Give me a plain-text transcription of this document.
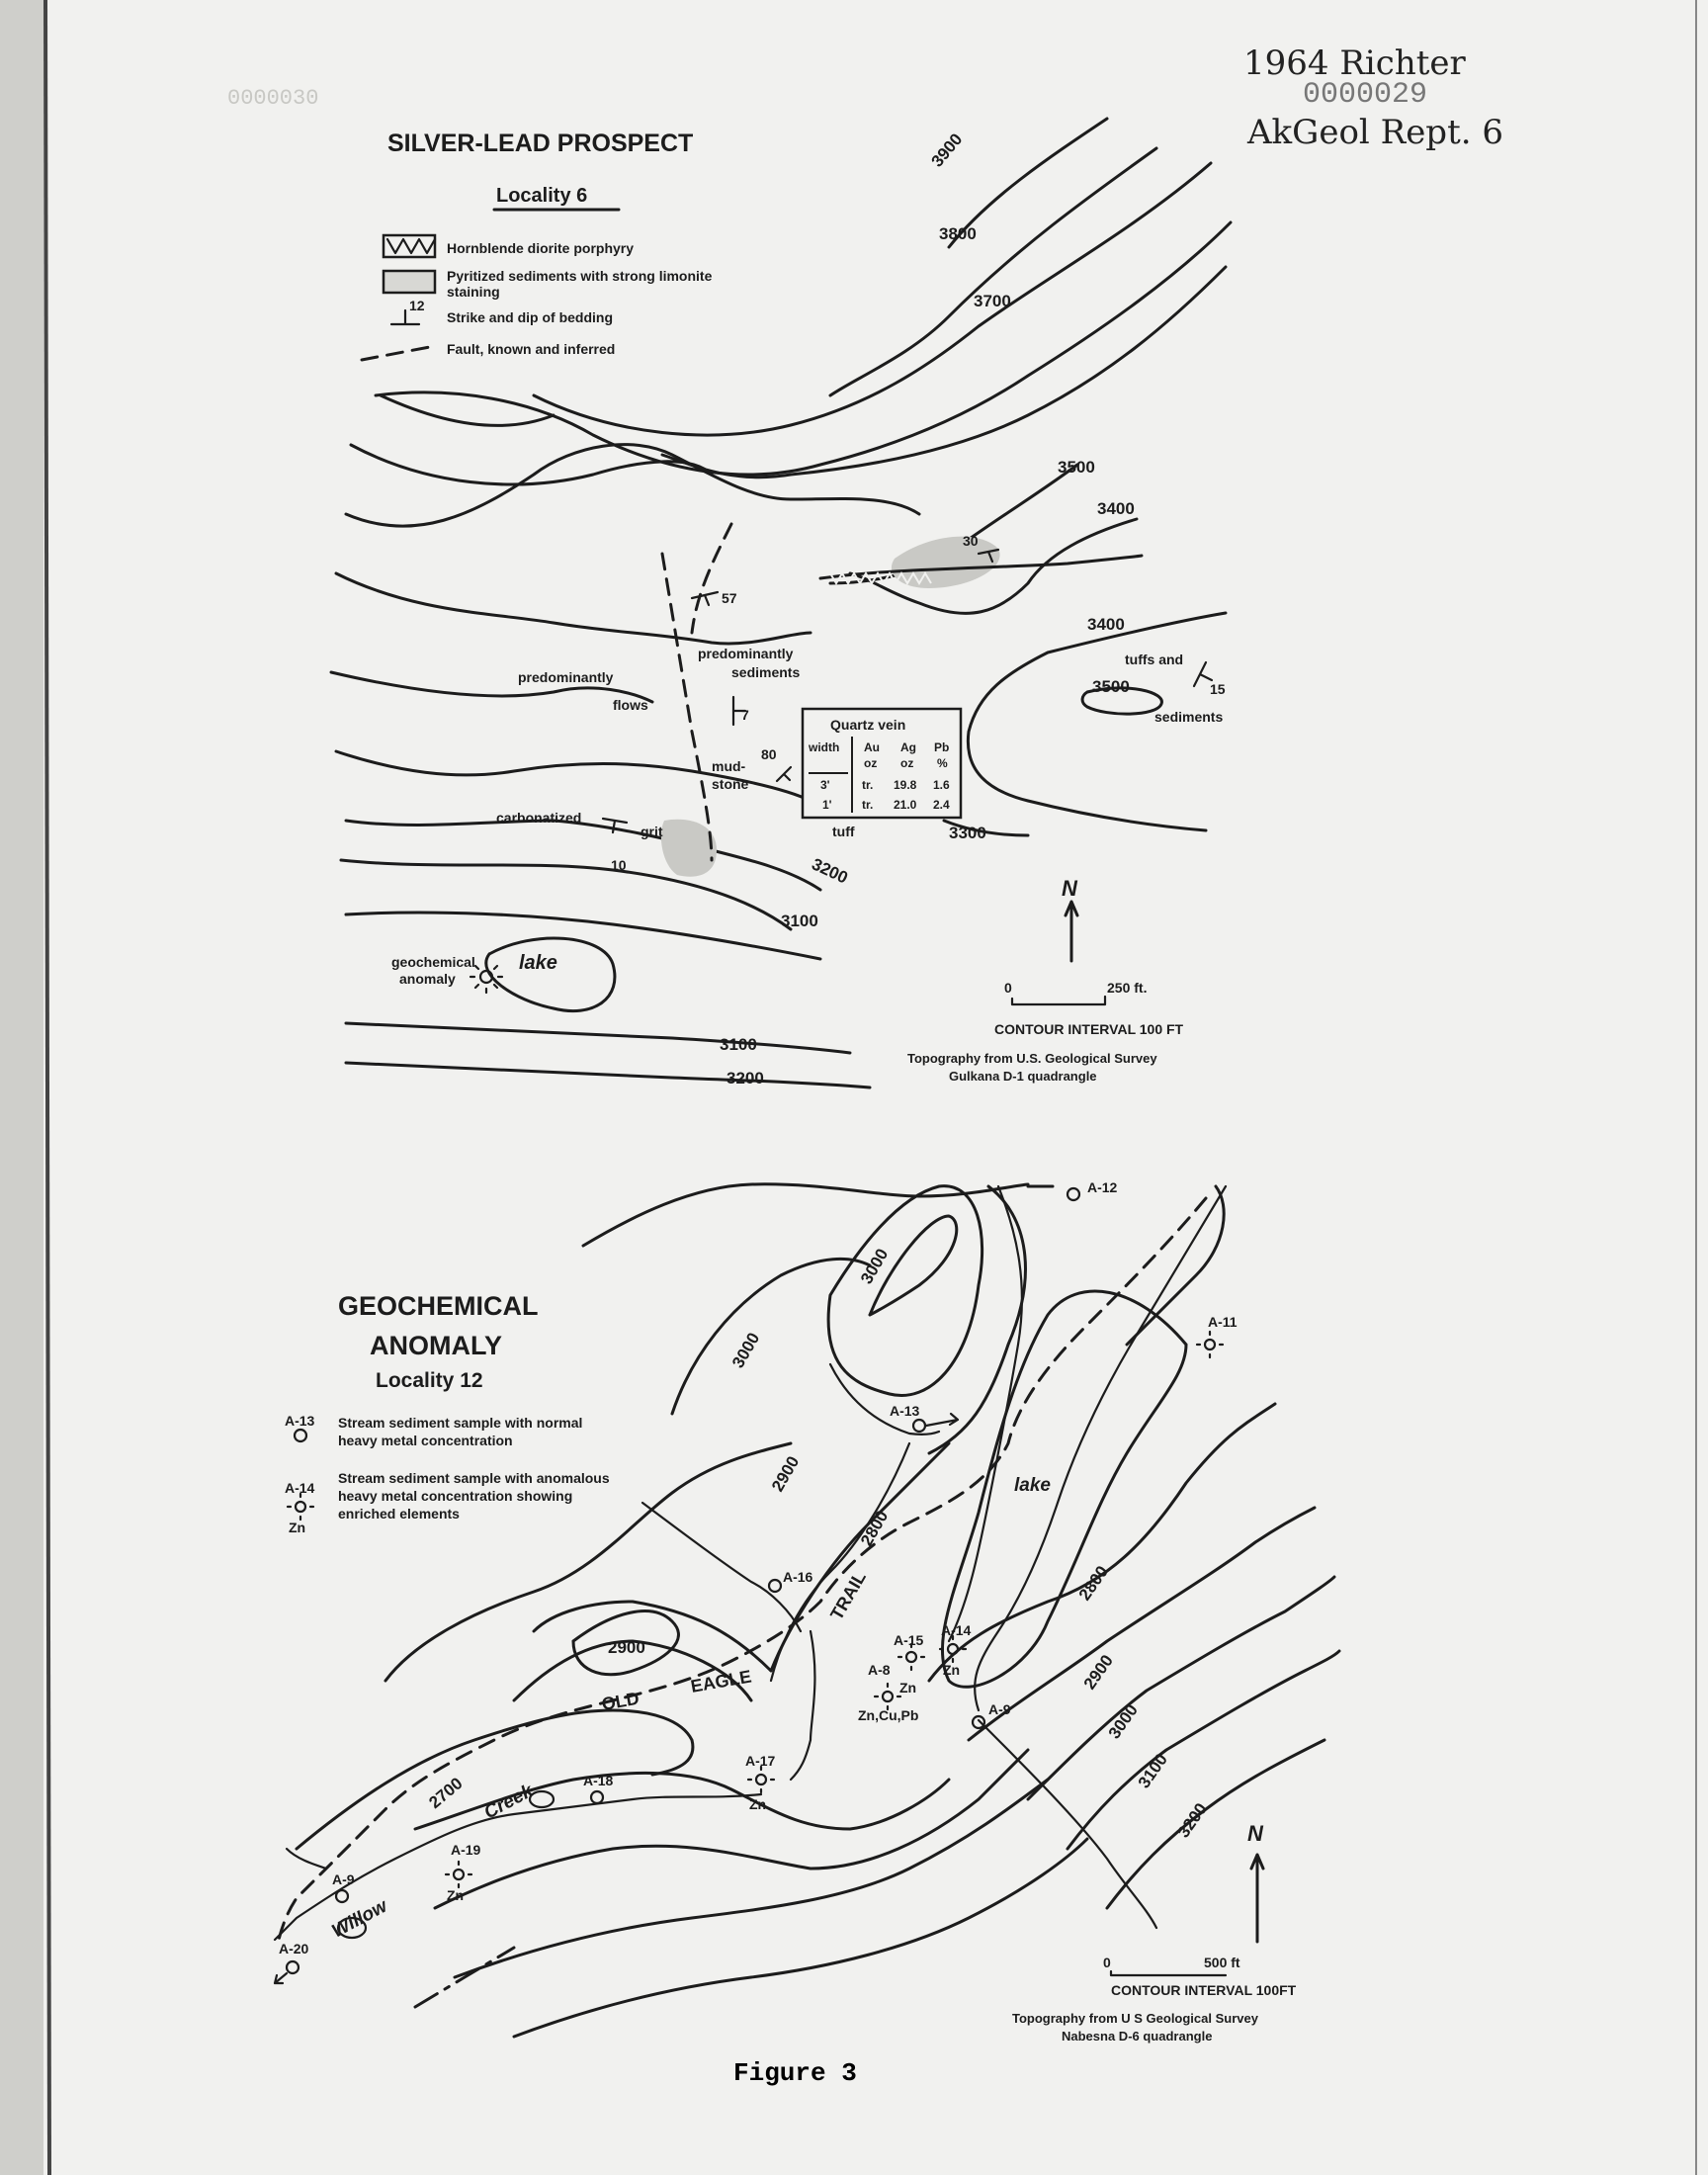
0000030
1964 Richter
AkGeol Rept. 6
0000029
SILVER-LEAD PROSPECT
Locality 6
Hornblende diorite porphyry
Pyritized sediments with strong limonite
staining
12
Strike and dip of bedding
Fault, known and inferred
3900
3800
3700
3500
3400
3400
3500
3300
3200
3100
3100
3200
predominantly
flows
predominantly
sediments
tuffs and
sediments
mud-
stone
tuff
carbonatized
grit
lake
geochemical
anomaly
57
30
7
80
10
15
Quartz vein
width Au Ag Pb
oz oz %
3'	tr. 19.8 1.6
1'	tr. 21.0 2.4
N
0	250 ft.
CONTOUR INTERVAL 100 FT
Topography from U.S. Geological Survey
Gulkana D-1 quadrangle
GEOCHEMICAL
ANOMALY
Locality 12
A-13 Stream sediment sample with normal
heavy metal concentration
A-14
Zn
Stream sediment sample with anomalous
heavy metal concentration showing
enriched elements
3000
3000
2900
2800
2900
2800
2900
3000
3100
3200
2700
A-12
A-13
A-16
A-9
A-18
A-9
A-20
A-11
A-15
A-14
Zn
A-8
Zn
Zn,Cu,Pb
A-17
Zn
A-19
Zn
OLD
EAGLE
TRAIL
Willow
Creek
lake
N
0	500 ft
CONTOUR INTERVAL 100FT
Topography from U S Geological Survey
Nabesna D-6 quadrangle
Figure 3
